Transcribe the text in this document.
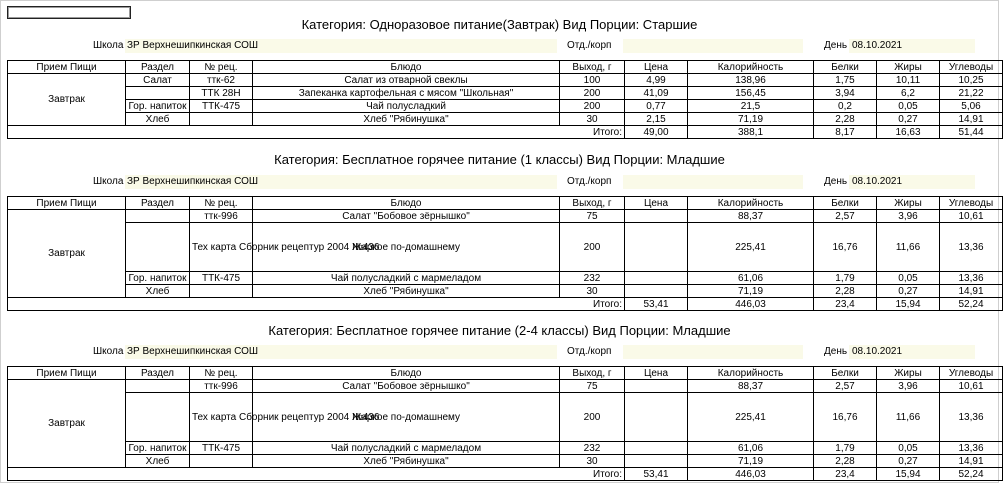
Категория: Одноразовое питание(Завтрак) Вид Порции: Старшие
Школа ЗР Верхнешипкинская СОШ	Отд./корп	День 08.10.2021
Прием Пищи	Раздел	№ рец.	Блюдо	Выход, г	Цена	Калорийность	Белки	Жиры	Углеводы
Завтрак	Салат	ттк-62	Салат из отварной свеклы	100	4,99	138,96	1,75	10,11	10,25
		ТТК 28Н	Запеканка картофельная с мясом "Школьная"	200	41,09	156,45	3,94	6,2	21,22
	Гор. напиток	ТТК-475	Чай полусладкий	200	0,77	21,5	0,2	0,05	5,06
	Хлеб		Хлеб "Рябинушка"	30	2,15	71,19	2,28	0,27	14,91
Итого:					49,00	388,1	8,17	16,63	51,44
Категория: Бесплатное горячее питание (1 классы) Вид Порции: Младшие
Школа ЗР Верхнешипкинская СОШ	Отд./корп	День 08.10.2021
Прием Пищи	Раздел	№ рец.	Блюдо	Выход, г	Цена	Калорийность	Белки	Жиры	Углеводы
Завтрак		ттк-996	Салат "Бобовое зёрнышко"	75		88,37	2,57	3,96	10,61
		Тех карта Сборник рецептур 2004 №436	Жаркое по-домашнему	200		225,41	16,76	11,66	13,36
	Гор. напиток	ТТК-475	Чай полусладкий с мармеладом	232		61,06	1,79	0,05	13,36
	Хлеб		Хлеб "Рябинушка"	30		71,19	2,28	0,27	14,91
Итого:					53,41	446,03	23,4	15,94	52,24
Категория: Бесплатное горячее питание (2-4 классы) Вид Порции: Младшие
Школа ЗР Верхнешипкинская СОШ	Отд./корп	День 08.10.2021
Прием Пищи	Раздел	№ рец.	Блюдо	Выход, г	Цена	Калорийность	Белки	Жиры	Углеводы
Завтрак		ттк-996	Салат "Бобовое зёрнышко"	75		88,37	2,57	3,96	10,61
		Тех карта Сборник рецептур 2004 №436	Жаркое по-домашнему	200		225,41	16,76	11,66	13,36
	Гор. напиток	ТТК-475	Чай полусладкий с мармеладом	232		61,06	1,79	0,05	13,36
	Хлеб		Хлеб "Рябинушка"	30		71,19	2,28	0,27	14,91
Итого:					53,41	446,03	23,4	15,94	52,24
